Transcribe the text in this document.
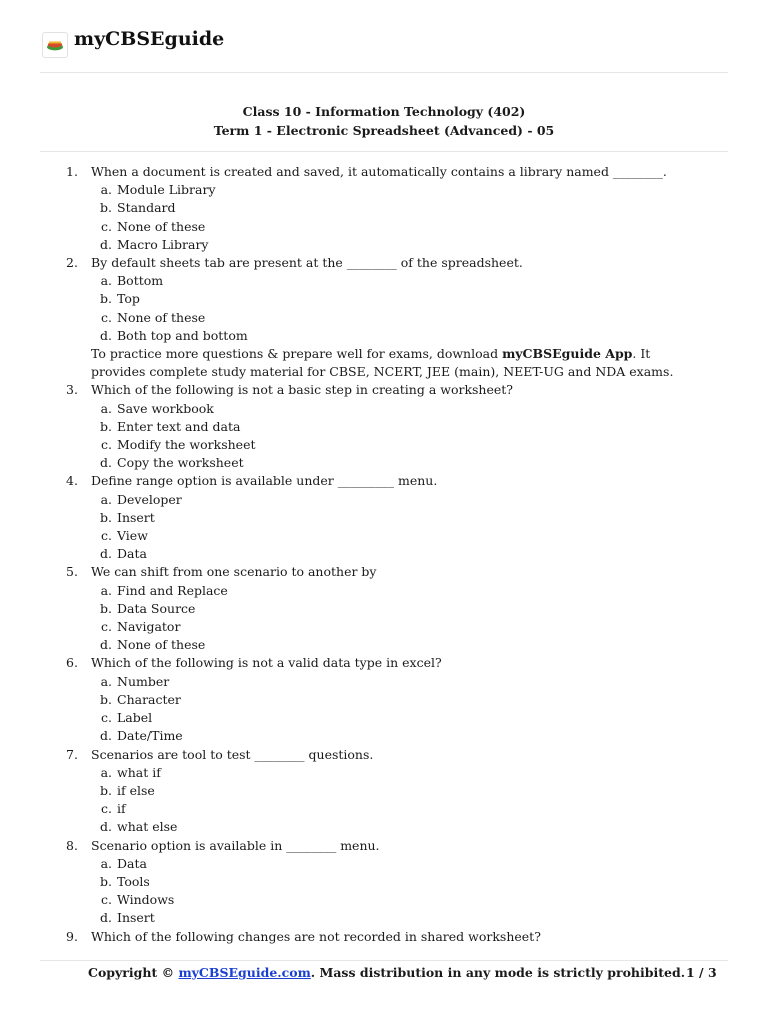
myCBSEguide
Class 10 - Information Technology (402)
Term 1 - Electronic Spreadsheet (Advanced) - 05
1. When a document is created and saved, it automatically contains a library named ________.
a. Module Library
b. Standard
c. None of these
d. Macro Library
2. By default sheets tab are present at the ________ of the spreadsheet.
a. Bottom
b. Top
c. None of these
d. Both top and bottom
To practice more questions & prepare well for exams, download myCBSEguide App. It provides complete study material for CBSE, NCERT, JEE (main), NEET-UG and NDA exams.
3. Which of the following is not a basic step in creating a worksheet?
a. Save workbook
b. Enter text and data
c. Modify the worksheet
d. Copy the worksheet
4. Define range option is available under _________ menu.
a. Developer
b. Insert
c. View
d. Data
5. We can shift from one scenario to another by
a. Find and Replace
b. Data Source
c. Navigator
d. None of these
6. Which of the following is not a valid data type in excel?
a. Number
b. Character
c. Label
d. Date/Time
7. Scenarios are tool to test ________ questions.
a. what if
b. if else
c. if
d. what else
8. Scenario option is available in ________ menu.
a. Data
b. Tools
c. Windows
d. Insert
9. Which of the following changes are not recorded in shared worksheet?
Copyright © myCBSEguide.com. Mass distribution in any mode is strictly prohibited. 1 / 3
